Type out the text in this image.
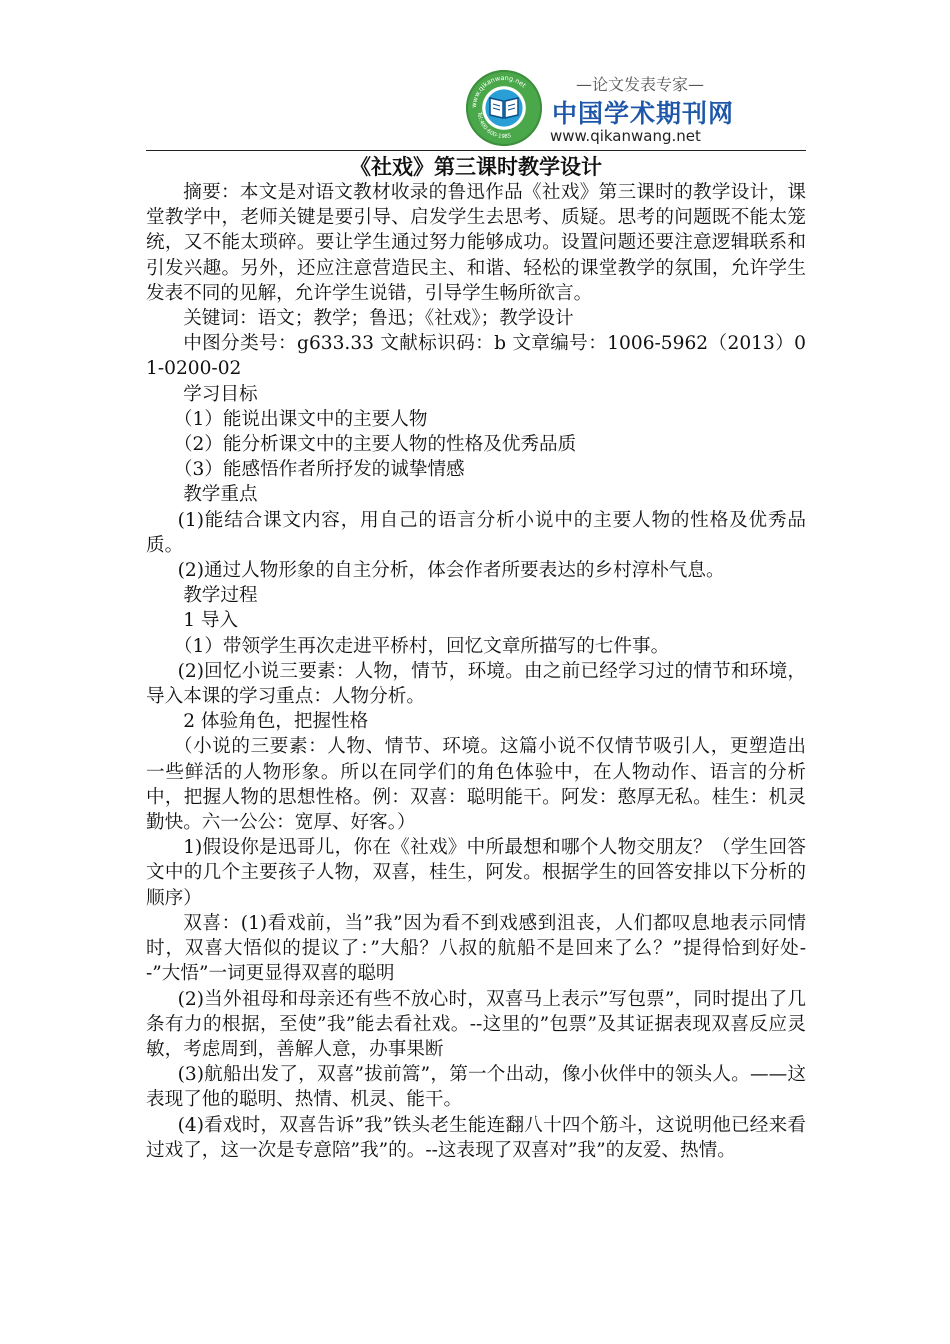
www.qikanwang.net
Tel:400-600-1985
—论文发表专家—
中国学术期刊网
www.qikanwang.net

《社戏》第三课时教学设计

摘要：本文是对语文教材收录的鲁迅作品《社戏》第三课时的教学设计，课堂教学中，老师关键是要引导、启发学生去思考、质疑。思考的问题既不能太笼统，又不能太琐碎。要让学生通过努力能够成功。设置问题还要注意逻辑联系和引发兴趣。另外，还应注意营造民主、和谐、轻松的课堂教学的氛围，允许学生发表不同的见解，允许学生说错，引导学生畅所欲言。

关键词：语文；教学；鲁迅；《社戏》；教学设计

中图分类号：g633.33 文献标识码：b 文章编号：1006-5962（2013）01-0200-02

学习目标

（1）能说出课文中的主要人物

（2）能分析课文中的主要人物的性格及优秀品质

（3）能感悟作者所抒发的诚挚情感

教学重点

(1)能结合课文内容，用自己的语言分析小说中的主要人物的性格及优秀品质。

(2)通过人物形象的自主分析，体会作者所要表达的乡村淳朴气息。

教学过程

1 导入

（1）带领学生再次走进平桥村，回忆文章所描写的七件事。

(2)回忆小说三要素：人物，情节，环境。由之前已经学习过的情节和环境，导入本课的学习重点：人物分析。

2 体验角色，把握性格

（小说的三要素：人物、情节、环境。这篇小说不仅情节吸引人，更塑造出一些鲜活的人物形象。所以在同学们的角色体验中，在人物动作、语言的分析中，把握人物的思想性格。例：双喜：聪明能干。阿发：憨厚无私。桂生：机灵勤快。六一公公：宽厚、好客。）

1)假设你是迅哥儿，你在《社戏》中所最想和哪个人物交朋友？（学生回答文中的几个主要孩子人物，双喜，桂生，阿发。根据学生的回答安排以下分析的顺序）

双喜：(1)看戏前，当”我”因为看不到戏感到沮丧，人们都叹息地表示同情时，双喜大悟似的提议了：”大船？八叔的航船不是回来了么？”提得恰到好处--”大悟”一词更显得双喜的聪明

(2)当外祖母和母亲还有些不放心时，双喜马上表示”写包票”，同时提出了几条有力的根据，至使”我”能去看社戏。--这里的”包票”及其证据表现双喜反应灵敏，考虑周到，善解人意，办事果断

(3)航船出发了，双喜”拔前篙”，第一个出动，像小伙伴中的领头人。——这表现了他的聪明、热情、机灵、能干。

(4)看戏时，双喜告诉”我”铁头老生能连翻八十四个筋斗，这说明他已经来看过戏了，这一次是专意陪”我”的。--这表现了双喜对”我”的友爱、热情。
